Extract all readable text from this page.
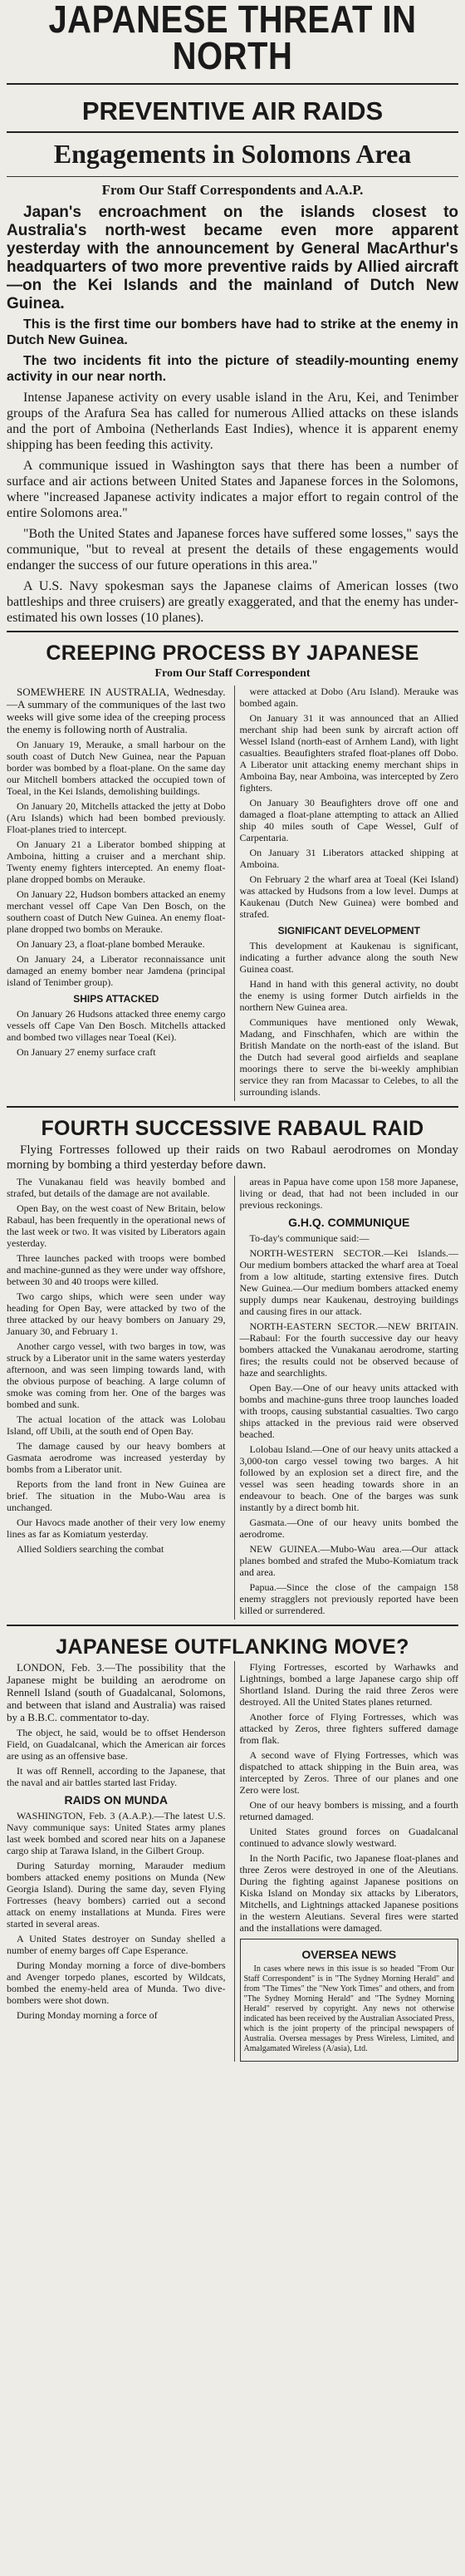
JAPANESE THREAT IN
NORTH
PREVENTIVE AIR RAIDS
Engagements in Solomons Area
From Our Staff Correspondents and A.A.P.

Japan's encroachment on the islands closest to Australia's north-west became even more apparent yesterday with the announcement by General MacArthur's headquarters of two more preventive raids by Allied aircraft—on the Kei Islands and the mainland of Dutch New Guinea.

This is the first time our bombers have had to strike at the enemy in Dutch New Guinea.

The two incidents fit into the picture of steadily-mounting enemy activity in our near north.

Intense Japanese activity on every usable island in the Aru, Kei, and Tenimber groups of the Arafura Sea has called for numerous Allied attacks on these islands and the port of Amboina (Netherlands East Indies), whence it is apparent enemy shipping has been feeding this activity.

A communique issued in Washington says that there has been a number of surface and air actions between United States and Japanese forces in the Solomons, where "increased Japanese activity indicates a major effort to regain control of the entire Solomons area."

"Both the United States and Japanese forces have suffered some losses," says the communique, "but to reveal at present the details of these engagements would endanger the success of our future operations in this area."

A U.S. Navy spokesman says the Japanese claims of American losses (two battleships and three cruisers) are greatly exaggerated, and that the enemy has under-estimated his own losses (10 planes).

CREEPING PROCESS BY JAPANESE
From Our Staff Correspondent

SOMEWHERE IN AUSTRALIA, Wednesday.—A summary of the communiques of the last two weeks will give some idea of the creeping process the enemy is following north of Australia.

On January 19, Merauke, a small harbour on the south coast of Dutch New Guinea, near the Papuan border was bombed by a float-plane. On the same day our Mitchell bombers attacked the occupied town of Toeal, in the Kei Islands, demolishing buildings.

On January 20, Mitchells attacked the jetty at Dobo (Aru Islands) which had been bombed previously. Float-planes tried to intercept.

On January 21 a Liberator bombed shipping at Amboina, hitting a cruiser and a merchant ship. Twenty enemy fighters intercepted. An enemy float-plane dropped bombs on Merauke.

On January 22, Hudson bombers attacked an enemy merchant vessel off Cape Van Den Bosch, on the southern coast of Dutch New Guinea. An enemy float-plane dropped two bombs on Merauke.

On January 23, a float-plane bombed Merauke.

On January 24, a Liberator reconnaissance unit damaged an enemy bomber near Jamdena (principal island of Tenimber group).

SHIPS ATTACKED

On January 26 Hudsons attacked three enemy cargo vessels off Cape Van Den Bosch. Mitchells attacked and bombed two villages near Toeal (Kei).

On January 27 enemy surface craft

were attacked at Dobo (Aru Island). Merauke was bombed again.

On January 31 it was announced that an Allied merchant ship had been sunk by aircraft action off Wessel Island (north-east of Arnhem Land), with light casualties. Beaufighters strafed float-planes off Dobo. A Liberator unit attacking enemy merchant ships in Amboina Bay, near Amboina, was intercepted by Zero fighters.

On January 30 Beaufighters drove off one and damaged a float-plane attempting to attack an Allied ship 40 miles south of Cape Wessel, Gulf of Carpentaria.

On January 31 Liberators attacked shipping at Amboina.

On February 2 the wharf area at Toeal (Kei Island) was attacked by Hudsons from a low level. Dumps at Kaukenau (Dutch New Guinea) were bombed and strafed.

SIGNIFICANT DEVELOPMENT

This development at Kaukenau is significant, indicating a further advance along the south New Guinea coast.

Hand in hand with this general activity, no doubt the enemy is using former Dutch airfields in the northern New Guinea area.

Communiques have mentioned only Wewak, Madang, and Finschhafen, which are within the British Mandate on the north-east of the island. But the Dutch had several good airfields and seaplane moorings there to serve the bi-weekly amphibian service they ran from Macassar to Celebes, to all the surrounding islands.

FOURTH SUCCESSIVE RABAUL RAID

Flying Fortresses followed up their raids on two Rabaul aerodromes on Monday morning by bombing a third yesterday before dawn.

The Vunakanau field was heavily bombed and strafed, but details of the damage are not available.

Open Bay, on the west coast of New Britain, below Rabaul, has been frequently in the operational news of the last week or two. It was visited by Liberators again yesterday.

Three launches packed with troops were bombed and machine-gunned as they were under way offshore, between 30 and 40 troops were killed.

Two cargo ships, which were seen under way heading for Open Bay, were attacked by two of the three attacked by our heavy bombers on January 29, January 30, and February 1.

Another cargo vessel, with two barges in tow, was struck by a Liberator unit in the same waters yesterday afternoon, and was seen limping towards land, with the obvious purpose of beaching. A large column of smoke was coming from her. One of the barges was bombed and sunk.

The actual location of the attack was Lolobau Island, off Ubili, at the south end of Open Bay.

The damage caused by our heavy bombers at Gasmata aerodrome was increased yesterday by bombs from a Liberator unit.

Reports from the land front in New Guinea are brief. The situation in the Mubo-Wau area is unchanged.

Our Havocs made another of their very low enemy lines as far as Komiatum yesterday.

Allied Soldiers searching the combat

areas in Papua have come upon 158 more Japanese, living or dead, that had not been included in our previous reckonings.

G.H.Q. COMMUNIQUE

To-day's communique said:—

NORTH-WESTERN SECTOR.—Kei Islands.—Our medium bombers attacked the wharf area at Toeal from a low altitude, starting extensive fires. Dutch New Guinea.—Our medium bombers attacked enemy supply dumps near Kaukenau, destroying buildings and causing fires in our attack.

NORTH-EASTERN SECTOR.—NEW BRITAIN.—Rabaul: For the fourth successive day our heavy bombers attacked the Vunakanau aerodrome, starting fires; the results could not be observed because of haze and searchlights.

Open Bay.—One of our heavy units attacked with bombs and machine-guns three troop launches loaded with troops, causing substantial casualties. Two cargo ships attacked in the previous raid were observed beached.

Lolobau Island.—One of our heavy units attacked a 3,000-ton cargo vessel towing two barges. A hit followed by an explosion set a direct fire, and the vessel was seen heading towards shore in an endeavour to beach. One of the barges was sunk instantly by a direct bomb hit.

Gasmata.—One of our heavy units bombed the aerodrome.

NEW GUINEA.—Mubo-Wau area.—Our attack planes bombed and strafed the Mubo-Komiatum track and area.

Papua.—Since the close of the campaign 158 enemy stragglers not previously reported have been killed or surrendered.

JAPANESE OUTFLANKING MOVE?

LONDON, Feb. 3.—The possibility that the Japanese might be building an aerodrome on Rennell Island (south of Guadalcanal, Solomons, and between that island and Australia) was raised by a B.B.C. commentator to-day.

The object, he said, would be to offset Henderson Field, on Guadalcanal, which the American air forces are using as an offensive base.

It was off Rennell, according to the Japanese, that the naval and air battles started last Friday.

RAIDS ON MUNDA

WASHINGTON, Feb. 3 (A.A.P.).—The latest U.S. Navy communique says: United States army planes last week bombed and scored near hits on a Japanese cargo ship at Tarawa Island, in the Gilbert Group.

During Saturday morning, Marauder medium bombers attacked enemy positions on Munda (New Georgia Island). During the same day, seven Flying Fortresses (heavy bombers) carried out a second attack on enemy installations at Munda. Fires were started in several areas.

A United States destroyer on Sunday shelled a number of enemy barges off Cape Esperance.

During Monday morning a force of dive-bombers and Avenger torpedo planes, escorted by Wildcats, bombed the enemy-held area of Munda. Two dive-bombers were shot down.

During Monday morning a force of

Flying Fortresses, escorted by Warhawks and Lightnings, bombed a large Japanese cargo ship off Shortland Island. During the raid three Zeros were destroyed. All the United States planes returned.

Another force of Flying Fortresses, which was attacked by Zeros, three fighters suffered damage from flak.

A second wave of Flying Fortresses, which was dispatched to attack shipping in the Buin area, was intercepted by Zeros. Three of our planes and one Zero were lost.

One of our heavy bombers is missing, and a fourth returned damaged.

United States ground forces on Guadalcanal continued to advance slowly westward.

In the North Pacific, two Japanese float-planes and three Zeros were destroyed in one of the Aleutians. During the fighting against Japanese positions on Kiska Island on Monday six attacks by Liberators, Mitchells, and Lightnings attacked Japanese positions in the western Aleutians. Several fires were started and the installations were damaged.

OVERSEA NEWS

In cases where news in this issue is so headed "From Our Staff Correspondent" is in "The Sydney Morning Herald" and from "The Times" the "New York Times" and others, and from "The Sydney Morning Herald" and "The Sydney Morning Herald" reserved by copyright. Any news not otherwise indicated has been received by the Australian Associated Press, which is the joint property of the principal newspapers of Australia. Oversea messages by Press Wireless, Limited, and Amalgamated Wireless (A/asia), Ltd.
